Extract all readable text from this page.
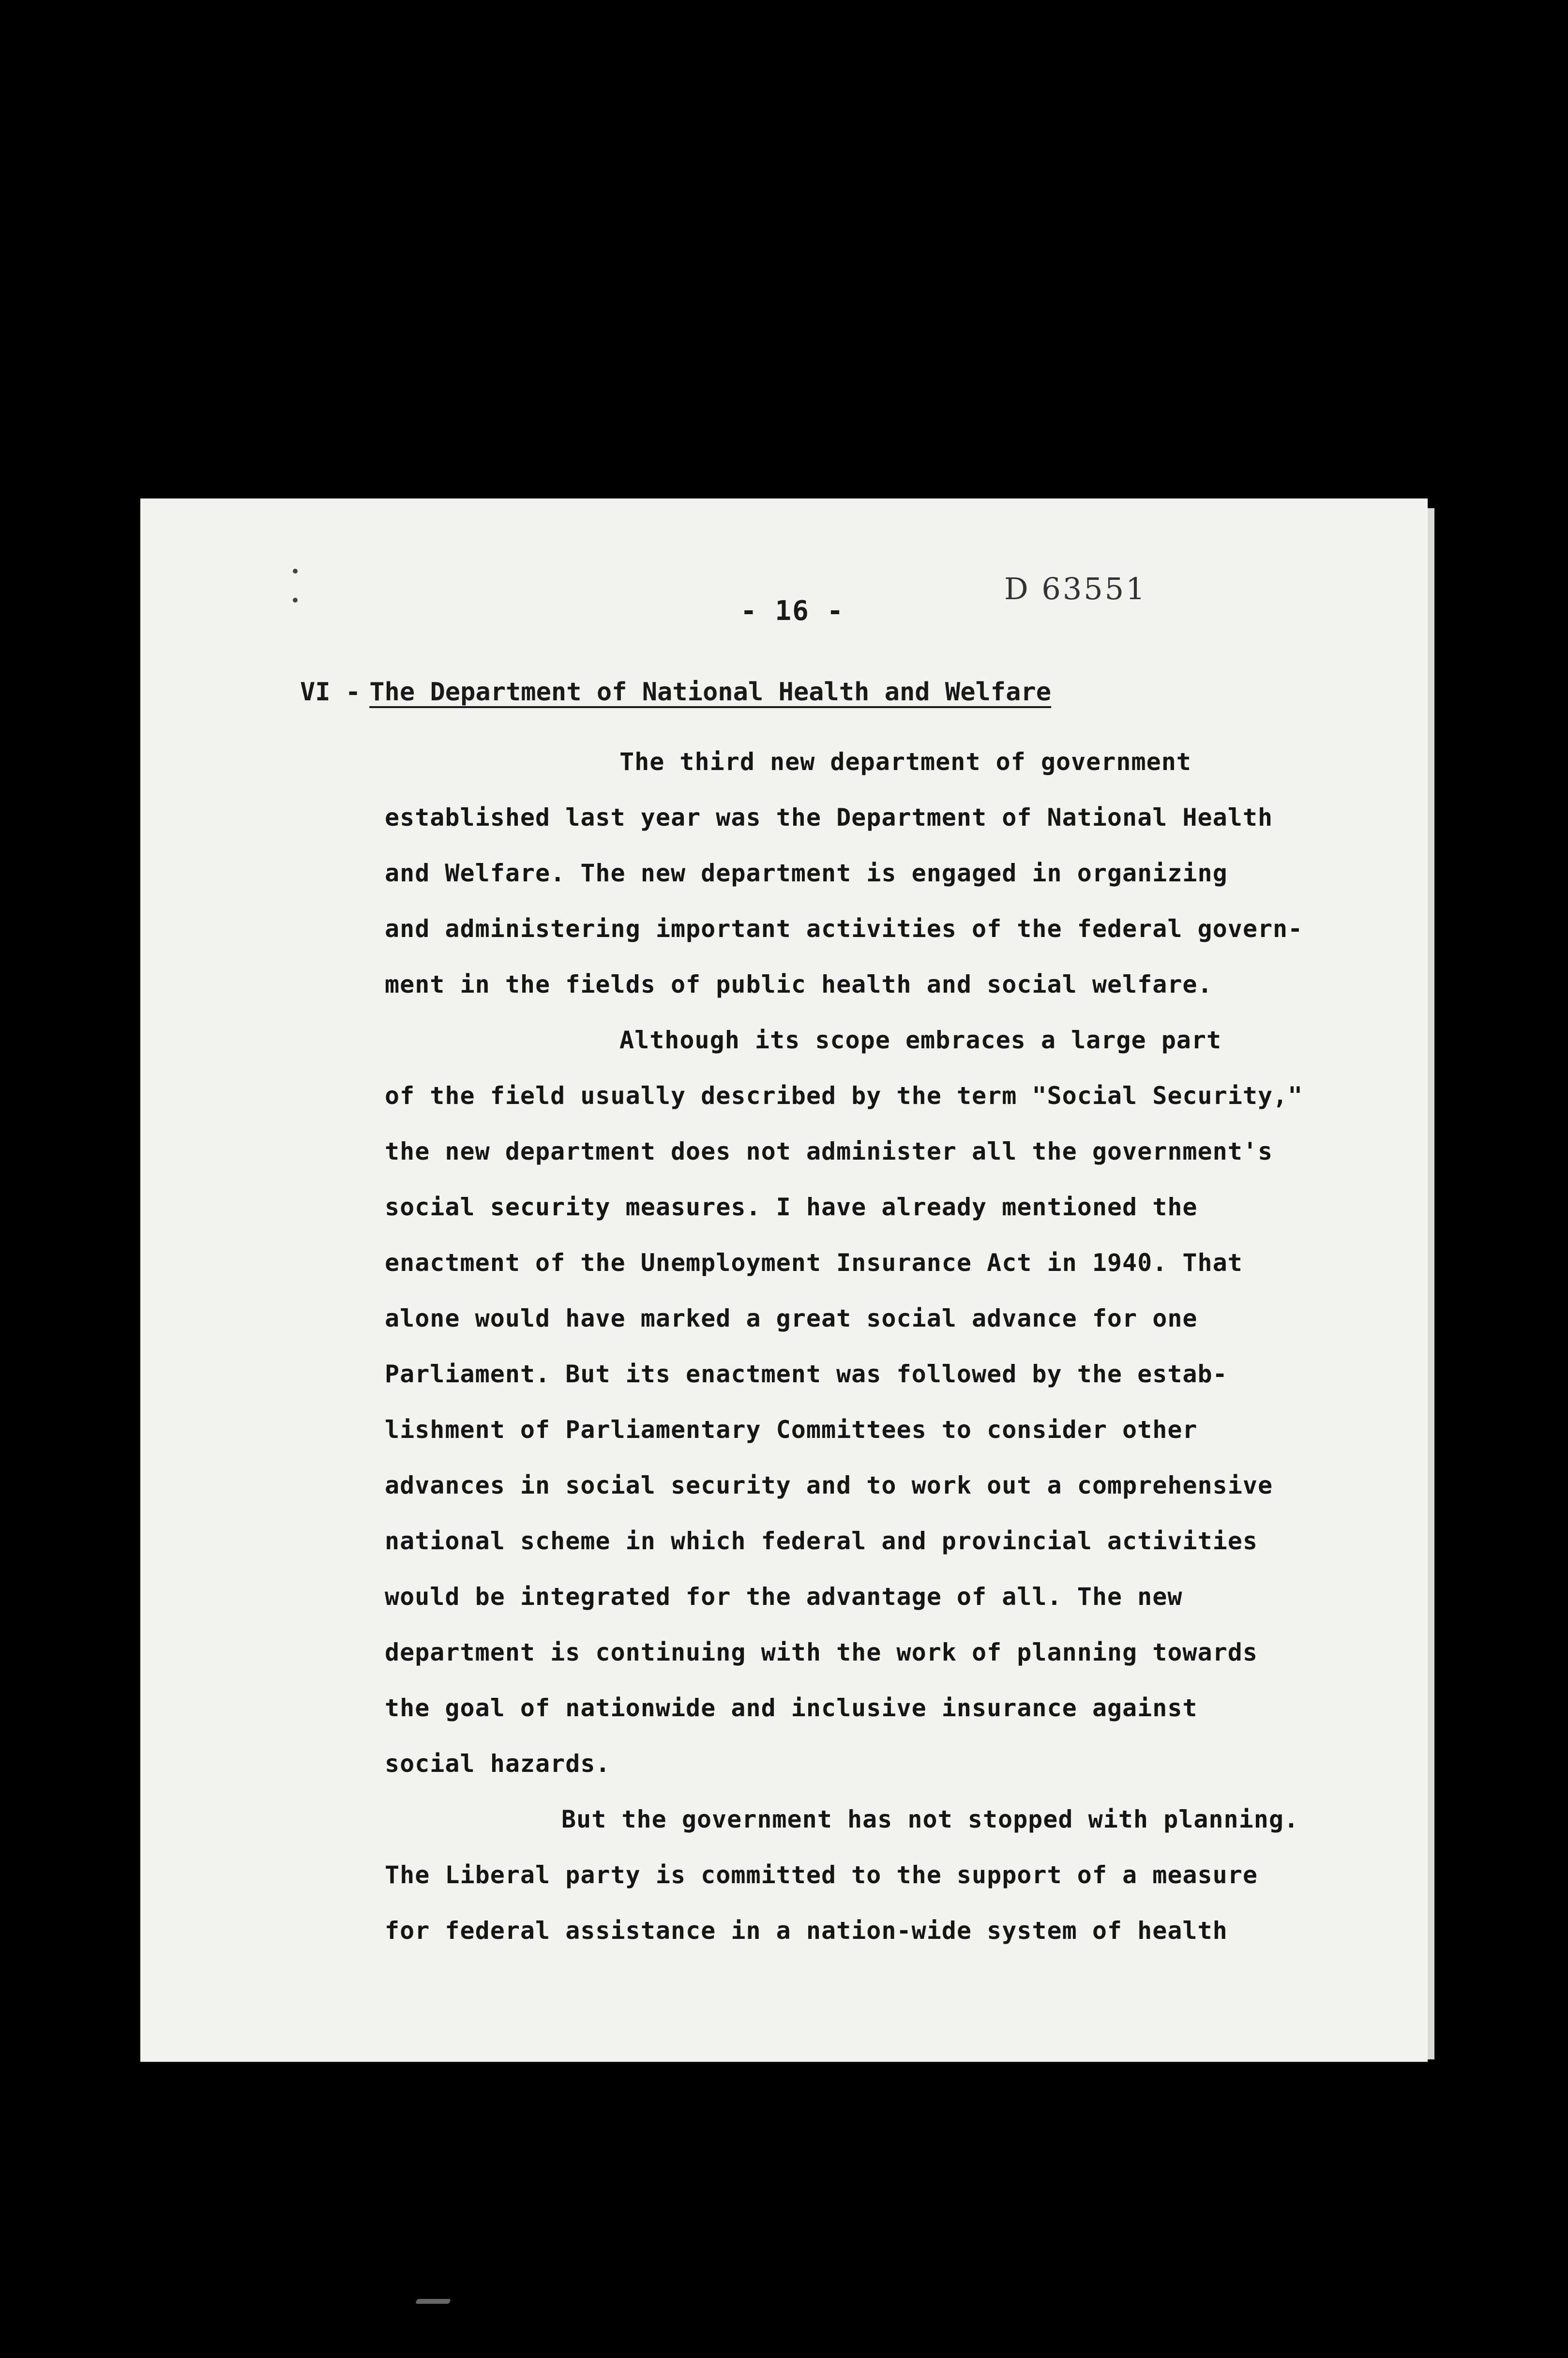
- 16 -
D 63551
VI - The Department of National Health and Welfare
The third new department of government
established last year was the Department of National Health
and Welfare. The new department is engaged in organizing
and administering important activities of the federal govern-
ment in the fields of public health and social welfare.
Although its scope embraces a large part
of the field usually described by the term "Social Security,"
the new department does not administer all the government's
social security measures. I have already mentioned the
enactment of the Unemployment Insurance Act in 1940. That
alone would have marked a great social advance for one
Parliament. But its enactment was followed by the estab-
lishment of Parliamentary Committees to consider other
advances in social security and to work out a comprehensive
national scheme in which federal and provincial activities
would be integrated for the advantage of all. The new
department is continuing with the work of planning towards
the goal of nationwide and inclusive insurance against
social hazards.
But the government has not stopped with planning.
The Liberal party is committed to the support of a measure
for federal assistance in a nation-wide system of health
